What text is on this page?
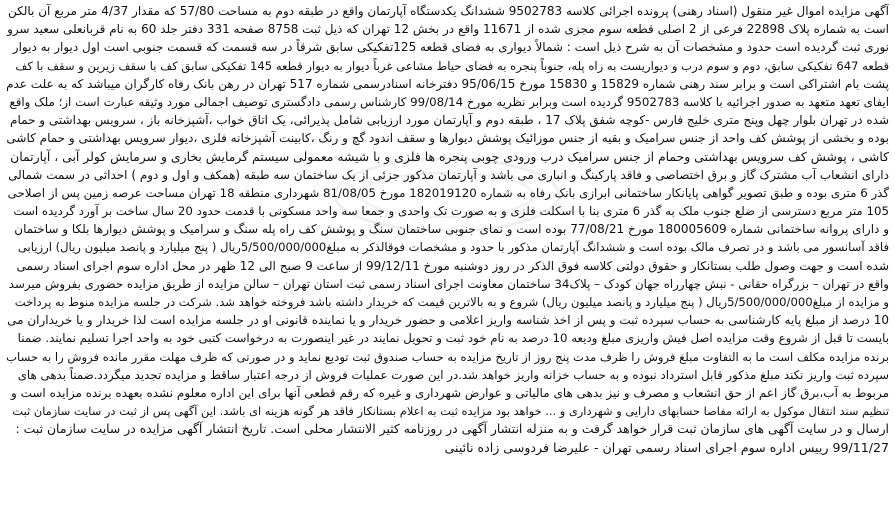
آگهی مزایده اموال غیر منقول (اسناد رهنی) پرونده اجرائی کلاسه 9502783 ششدانگ یکدستگاه آپارتمان واقع در طبقه دوم به مساحت 57/80 که مقدار 4/37 متر مربع آن بالکن
است به شماره پلاک 22898 فرعی از 2 اصلی قطعه سوم مجزی شده از 11671 واقع در بخش 12 تهران که ذیل ثبت 8758 صفحه 331 دفتر جلد 60 به نام قربانعلی سعید سرو
نوری ثبت گردیده است حدود و مشخصات آن به شرح ذیل است : شمالاً دیواری به فضای قطعه 125تفکیکی سابق شرقاً در سه قسمت که قسمت جنوبی است اول دیوار به دیوار
قطعه 647 تفکیکی سابق، دوم و سوم درب و دیواریست به راه پله، جنوباً پنجره به فضای حیاط مشاعی غرباً دیوار به دیوار قطعه 145 تفکیکی سابق کف با سقف زیرین و سقف با کف
پشت بام اشتراکی است و برابر سند رهنی شماره 15829 و 15830 مورخ 95/06/15 دفترخانه اسنادرسمی شماره 517 تهران در رهن بانک رفاه کارگران میباشد که به علت عدم
ایفای تعهد متعهد به صدور اجرائیه با کلاسه 9502783 گردیده است وبرابر نظریه مورخ 99/08/14 کارشناس رسمی دادگستری توصیف اجمالی مورد وثیقه عبارت است از؛ ملک واقع
شده در تهران بلوار چهل وپنج متری خلیج فارس -کوچه شفق پلاک 17 ، طبقه دوم و آپارتمان مورد ارزیابی شامل پذیرائی، یک اتاق خواب ،آشپزخانه باز ، سرویس بهداشتی و حمام
بوده و بخشی از پوشش کف واحد از جنس سرامیک و بقیه از جنس موزائیک پوشش دیوارها و سقف اندود گچ و رنگ ،کابینت آشپزخانه فلزی ،دیوار سرویس بهداشتی و حمام کاشی
کاشی ، پوشش کف سرویس بهداشتی وحمام از جنس سرامیک درب ورودی چوبی پنجره ها فلزی و با شیشه معمولی سیستم گرمایش بخاری و سرمایش کولر آبی ، آپارتمان
دارای انشعاب آب مشترک گاز و برق اختصاصی و فاقد پارکینگ و انباری می باشد و آپارتمان مذکور جزئی از یک ساختمان سه طبقه (همکف و اول و دوم ) احداثی در سمت شمالی
گذر 6 متری بوده و طبق تصویر گواهی پایانکار ساختمانی ابرازی بانک رفاه به شماره 182019120 مورخ 81/08/05 شهرداری منطقه 18 تهران مساحت عرصه زمین پس از اصلاحی
105 متر مربع دسترسی از ضلع جنوب ملک به گذر 6 متری بنا با اسکلت فلزی و به صورت تک واحدی و جمعا سه واحد مسکونی با قدمت حدود 20 سال ساخت بر آورد گردیده است
و دارای پروانه ساختمانی شماره 180005609 مورخ 77/08/21 بوده است و نمای جنوبی ساختمان سنگ و پوشش کف راه پله سنگ و سرامیک و پوشش دیوارها بلکا و ساختمان
فاقد آسانسور می باشد و در تصرف مالک بوده است و ششدانگ آپارتمان مذکور با حدود و مشخصات فوقالذکر به مبلغ5/500/000/000ریال ( پنج میلیارد و پانصد میلیون ریال) ارزیابی
شده است و جهت وصول طلب بستانکار و حقوق دولتی کلاسه فوق الذکر در روز دوشنبه مورخ 99/12/11 از ساعت 9 صبح الی 12 ظهر در محل اداره سوم اجرای اسناد رسمی
واقع در تهران – بزرگراه حقانی - نبش چهارراه جهان کودک – پلاک34 ساختمان معاونت اجرای اسناد رسمی ثبت استان تهران – سالن مزایده از طریق مزایده حضوری بفروش میرسد
و مزایده از مبلغ5/500/000/000ریال ( پنج میلیارد و پانصد میلیون ریال) شروع و به بالاترین قیمت که خریدار داشته باشد فروخته خواهد شد. شرکت در جلسه مزایده منوط به پرداخت
10 درصد از مبلغ پایه کارشناسی به حساب سپرده ثبت و پس از اخذ شناسه واریز اعلامی و حضور خریدار و یا نماینده قانونی او در جلسه مزایده است لذا خریدار و یا خریداران می
بایست تا قبل از شروع وقت مزایده اصل فیش واریزی مبلغ ودیعه 10 درصد به نام خود ثبت و تحویل نمایند در غیر اینصورت به درخواست کتبی خود به واحد اجرا تسلیم نمایند. ضمنا
برنده مزایده مکلف است ما به التفاوت مبلغ فروش را ظرف مدت پنج روز از تاریخ مزایده به حساب صندوق ثبت تودیع نماید و در صورتی که ظرف مهلت مقرر مانده فروش را به حساب
سپرده ثبت واریز نکند مبلغ مذکور قابل استرداد نبوده و به حساب خزانه واریز خواهد شد.در این صورت عملیات فروش از درجه اعتبار ساقط و مزایده تجدید میگردد.ضمناً بدهی های
مربوط به آب،برق گاز اعم از حق انشعاب و مصرف و نیز بدهی های مالیاتی و عوارض شهرداری و غیره که رقم قطعی آنها برای این اداره معلوم نشده بعهده برنده مزایده است و
تنظیم سند انتقال موکول به ارائه مفاصا حسابهای دارایی و شهرداری و ... خواهد بود مزایده ثبت به اعلام بستانکار فاقد هر گونه هزینه ای باشد. این آگهی پس از ثبت در سایت سازمان ثبت
ارسال و در سایت آگهی های سازمان ثبت قرار خواهد گرفت و به منزله انتشار آگهی در روزنامه کثیر الانتشار محلی است. تاریخ انتشار آگهی مزایده در سایت سازمان ثبت :
99/11/27 رییس اداره سوم اجرای اسناد رسمی تهران - علیرضا فردوسی زاده نائینی
